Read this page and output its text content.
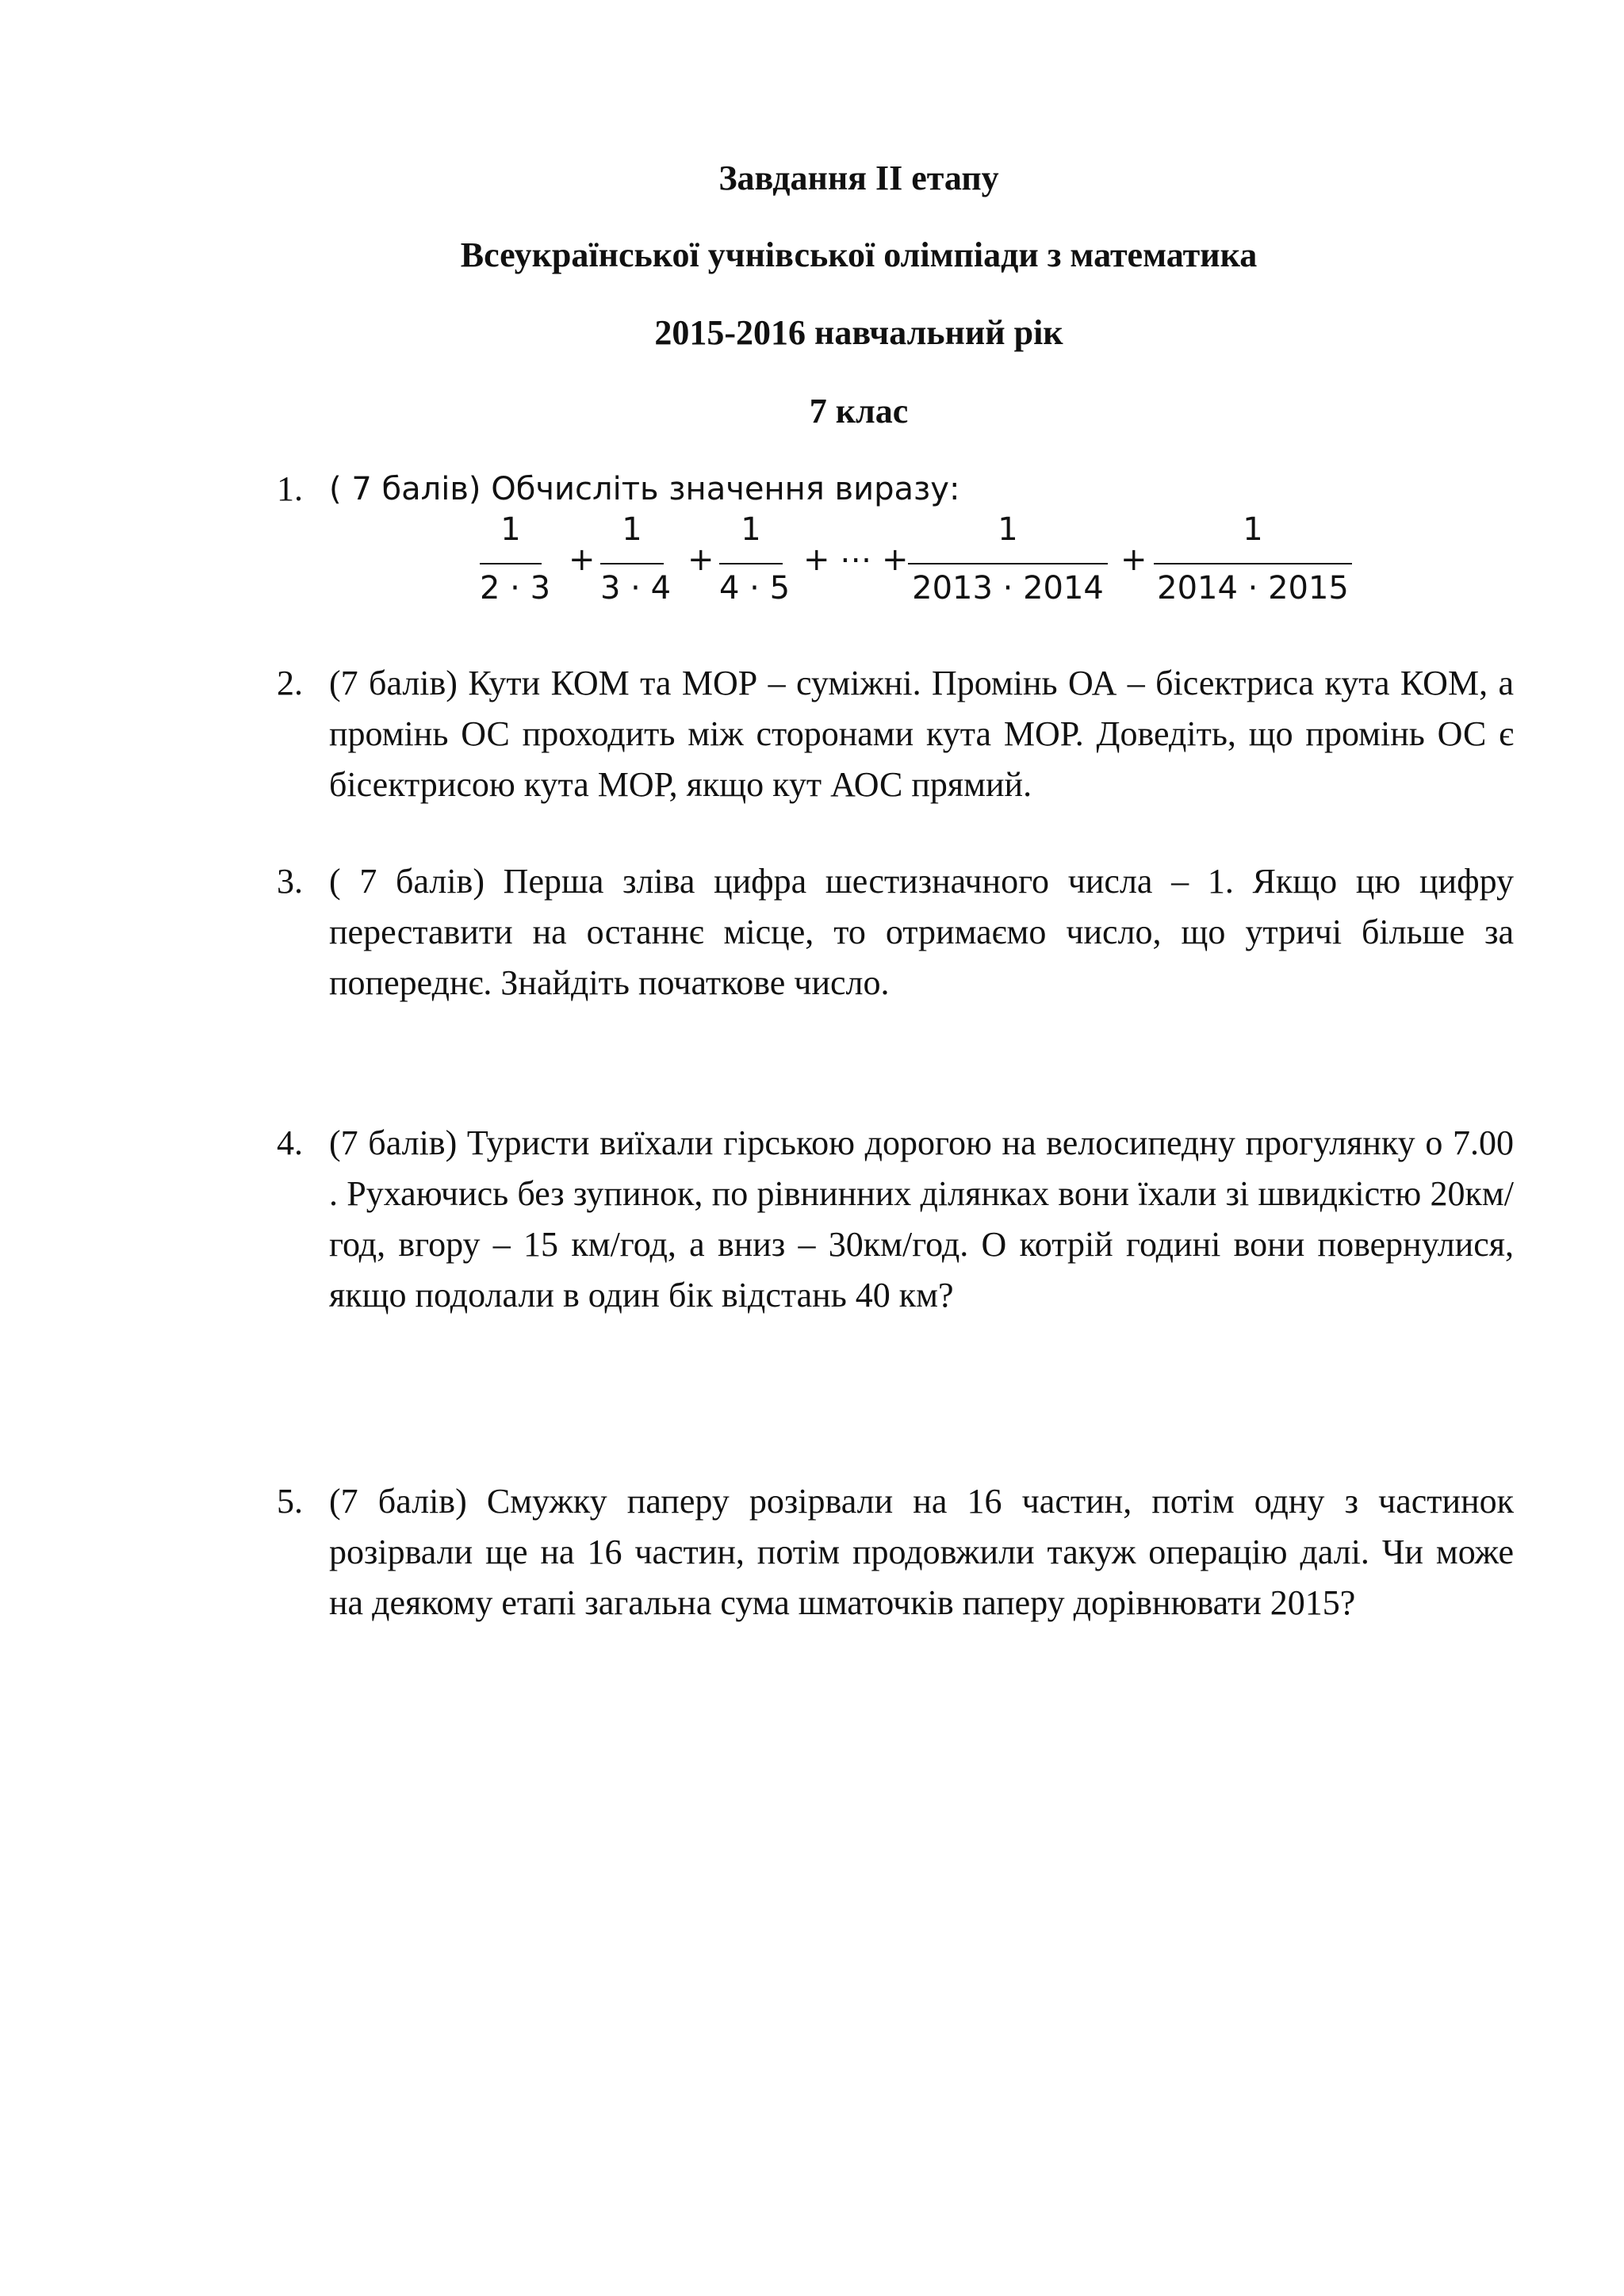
Завдання ІІ етапу
Всеукраїнської учнівської олімпіади з математика
2015-2016 навчальний рік
7 клас
1. ( 7 балів) Обчисліть значення виразу:
1
2 · 3
+
1
3 · 4
+
1
4 · 5
+ ⋯ +
1
2013 · 2014
+
1
2014 · 2015
2. (7 балів) Кути КОМ та МОР – суміжні. Промінь ОА – бісектриса кута КОМ, а промінь ОС проходить між сторонами кута МОР. Доведіть, що промінь ОС є бісектрисою кута МОР, якщо кут АОС прямий.
3. ( 7 балів) Перша зліва цифра шестизначного числа – 1. Якщо цю цифру переставити на останнє місце, то отримаємо число, що утричі більше за попереднє. Знайдіть початкове число.
4. (7 балів) Туристи виїхали гірською дорогою на велосипедну прогулянку о 7.00 . Рухаючись без зупинок, по рівнинних ділянках вони їхали зі швидкістю 20км/год, вгору – 15 км/год, а вниз – 30км/год. О котрій годині вони повернулися, якщо подолали в один бік відстань 40 км?
5. (7 балів) Смужку паперу розірвали на 16 частин, потім одну з частинок розірвали ще на 16 частин, потім продовжили такуж операцію далі. Чи може на деякому етапі загальна сума шматочків паперу дорівнювати 2015?
